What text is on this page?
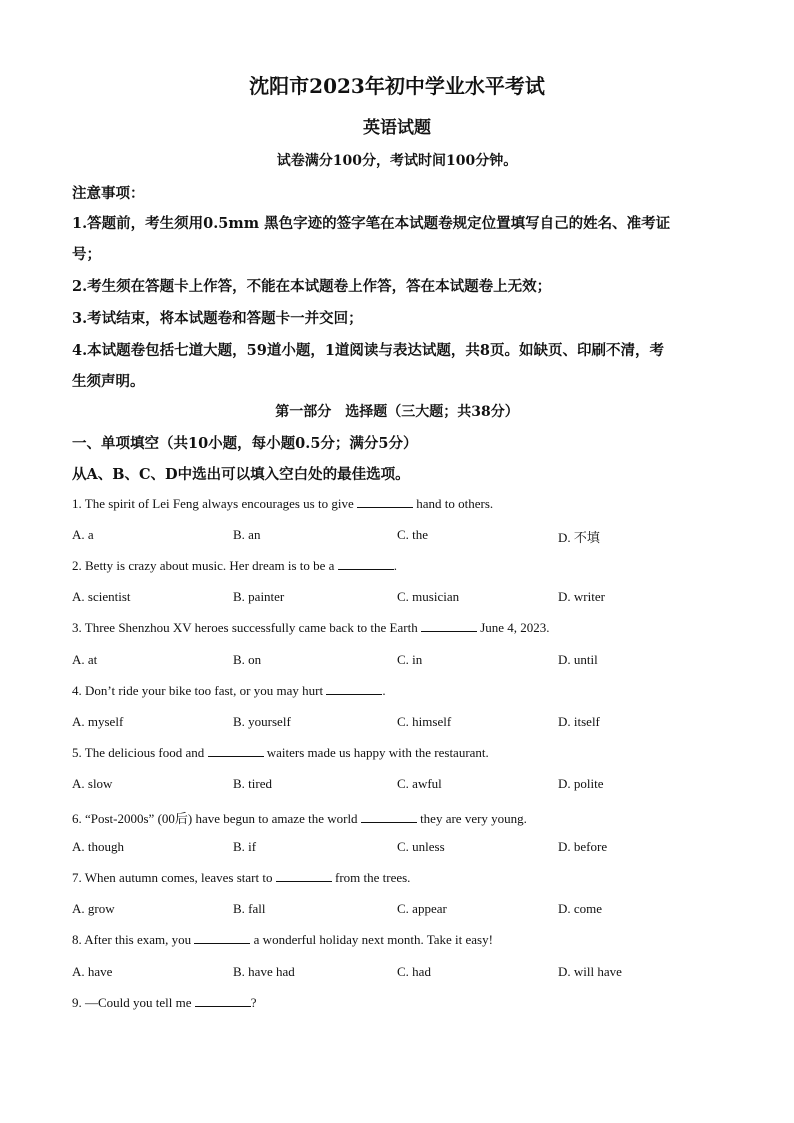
沈阳市2023年初中学业水平考试
英语试题
试卷满分100分，考试时间100分钟。
注意事项：
1.答题前，考生须用0.5mm 黑色字迹的签字笔在本试题卷规定位置填写自己的姓名、准考证
号；
2.考生须在答题卡上作答，不能在本试题卷上作答，答在本试题卷上无效；
3.考试结束，将本试题卷和答题卡一并交回；
4.本试题卷包括七道大题，59道小题，1道阅读与表达试题，共8页。如缺页、印刷不清，考
生须声明。
第一部分　选择题（三大题；共38分）
一、单项填空（共10小题，每小题0.5分；满分5分）
从A、B、C、D中选出可以填入空白处的最佳选项。
1. The spirit of Lei Feng always encourages us to give	hand to others.
A. a	B. an	C. the	D. 不填
2. Betty is crazy about music. Her dream is to be a	.
A. scientist	B. painter	C. musician	D. writer
3. Three Shenzhou XV heroes successfully came back to the Earth	June 4, 2023.
A. at	B. on	C. in	D. until
4. Don’t ride your bike too fast, or you may hurt	.
A. myself	B. yourself	C. himself	D. itself
5. The delicious food and	waiters made us happy with the restaurant.
A. slow	B. tired	C. awful	D. polite
6. “Post-2000s” (00后) have begun to amaze the world	they are very young.
A. though	B. if	C. unless	D. before
7. When autumn comes, leaves start to	from the trees.
A. grow	B. fall	C. appear	D. come
8. After this exam, you	a wonderful holiday next month. Take it easy!
A. have	B. have had	C. had	D. will have
9. —Could you tell me	?
